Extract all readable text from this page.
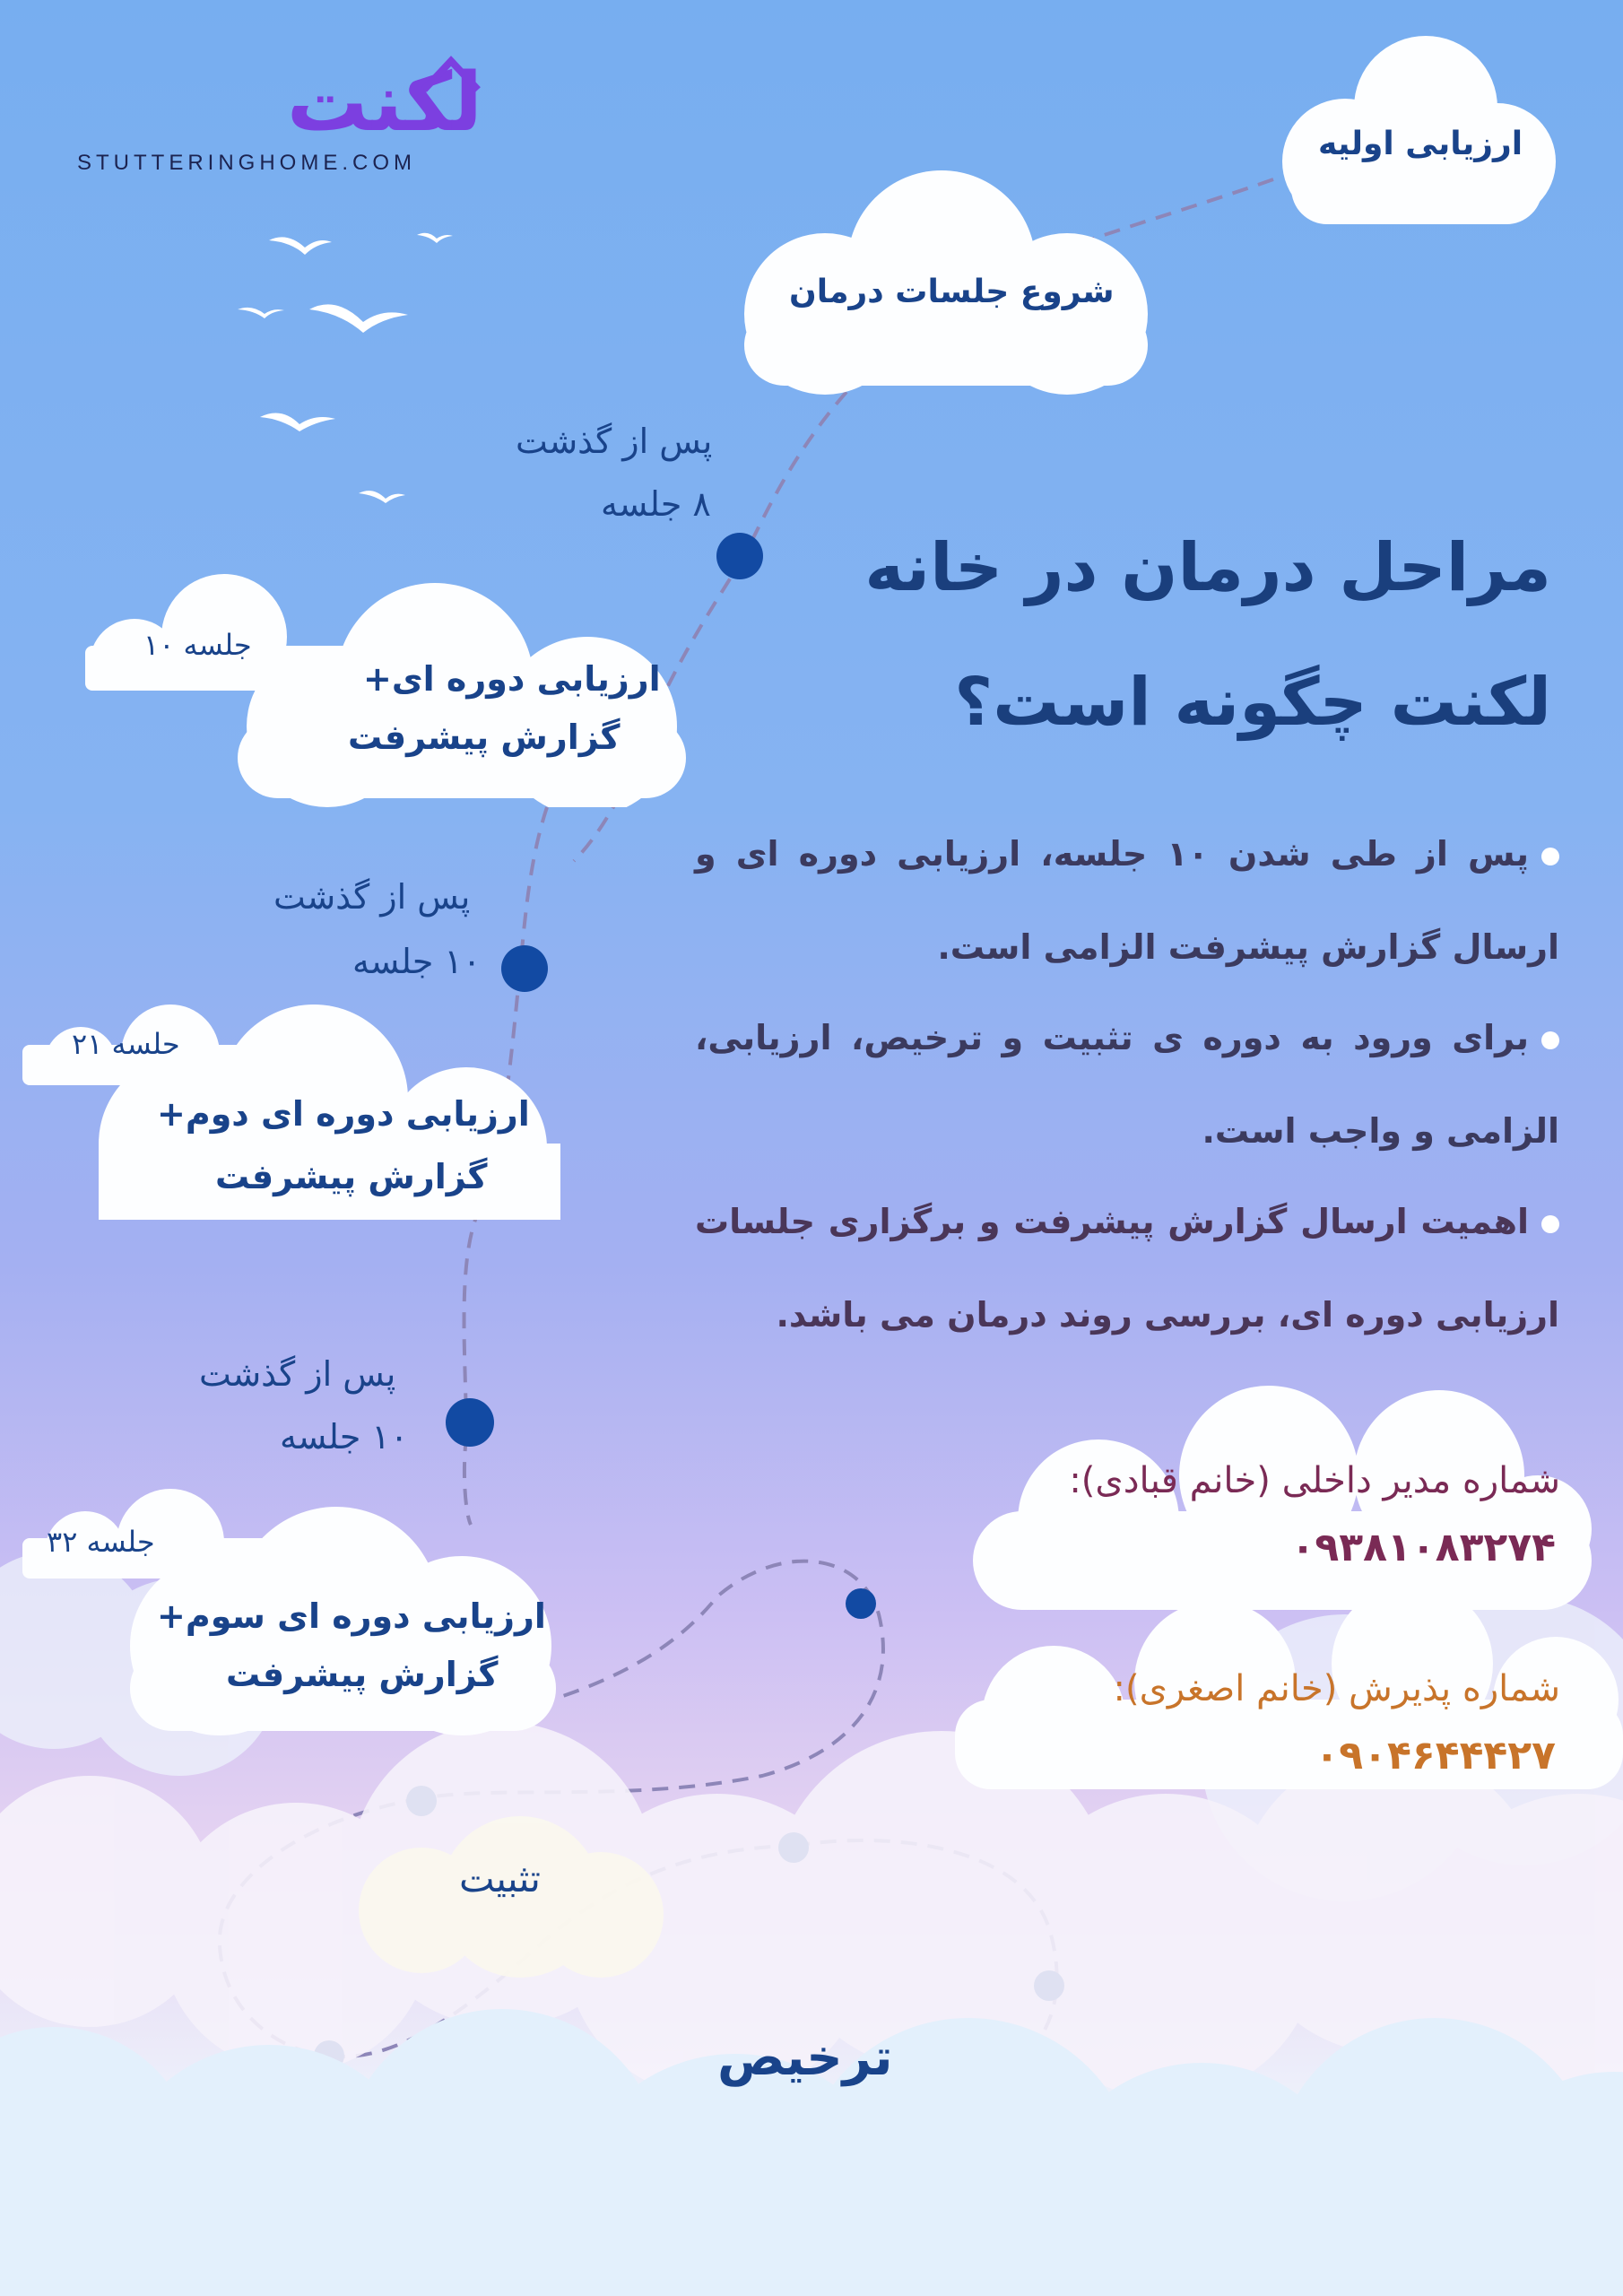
لکنت
STUTTERINGHOME.COM
ارزیابی اولیه
شروع جلسات درمان
پس از گذشت
۸ جلسه
جلسه ۱۰
ارزیابی دوره ای+
گزارش پیشرفت
پس از گذشت
۱۰ جلسه
جلسه ۲۱
ارزیابی دوره ای دوم+
گزارش پیشرفت
پس از گذشت
۱۰ جلسه
جلسه ۳۲
ارزیابی دوره ای سوم+
گزارش پیشرفت
تثبیت
ترخیص
مراحل درمان در خانه
لکنت چگونه است؟
پس از طی شدن ۱۰ جلسه، ارزیابی دوره ای و ارسال گزارش پیشرفت الزامی است.
برای ورود به دوره ی تثبیت و ترخیص، ارزیابی، الزامی و واجب است.
اهمیت ارسال گزارش پیشرفت و برگزاری جلسات ارزیابی دوره ای، بررسی روند درمان می باشد.
شماره مدیر داخلی (خانم قبادی):
۰۹۳۸۱۰۸۳۲۷۴
شماره پذیرش (خانم اصغری):
۰۹۰۴۶۴۴۴۲۷
